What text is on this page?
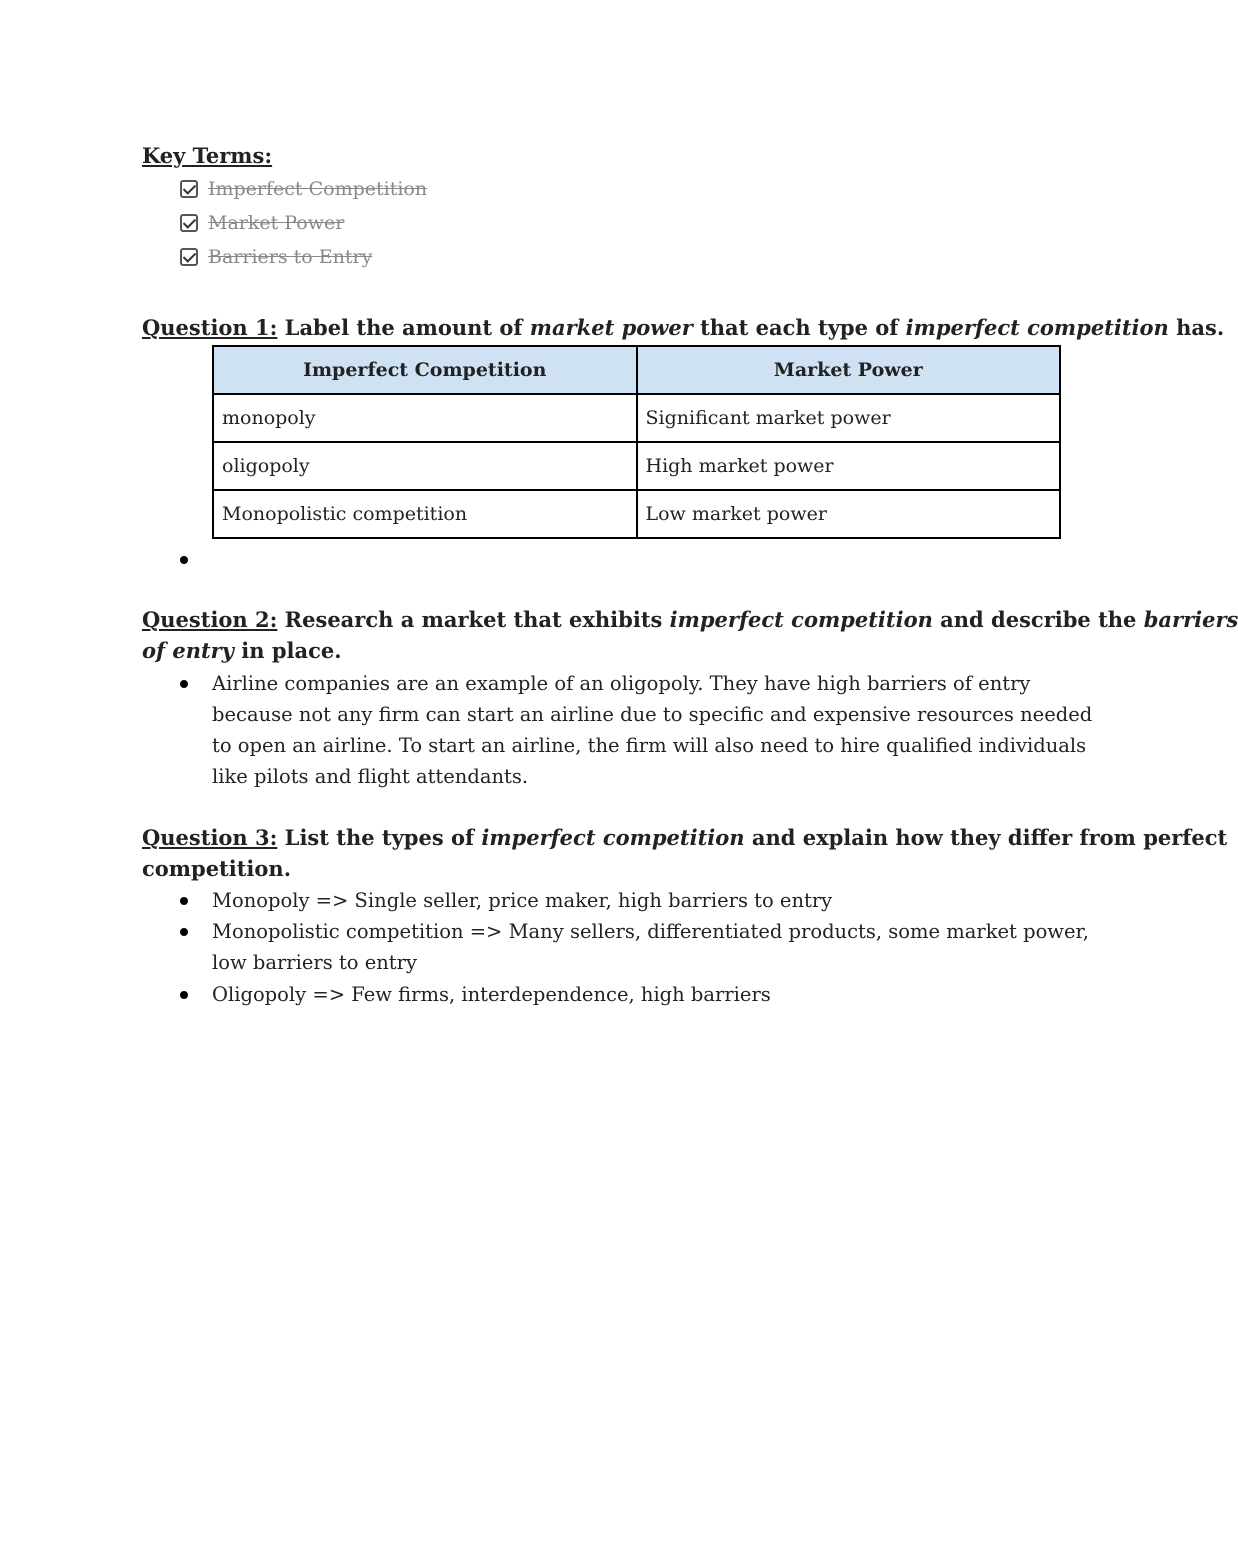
Key Terms:
Imperfect Competition
Market Power
Barriers to Entry
Question 1: Label the amount of market power that each type of imperfect competition has.
Imperfect Competition	Market Power
monopoly	Significant market power
oligopoly	High market power
Monopolistic competition	Low market power
Question 2: Research a market that exhibits imperfect competition and describe the barriers
of entry in place.
Airline companies are an example of an oligopoly. They have high barriers of entry
because not any firm can start an airline due to specific and expensive resources needed
to open an airline. To start an airline, the firm will also need to hire qualified individuals
like pilots and flight attendants.
Question 3: List the types of imperfect competition and explain how they differ from perfect
competition.
Monopoly => Single seller, price maker, high barriers to entry
Monopolistic competition => Many sellers, differentiated products, some market power,
low barriers to entry
Oligopoly => Few firms, interdependence, high barriers
